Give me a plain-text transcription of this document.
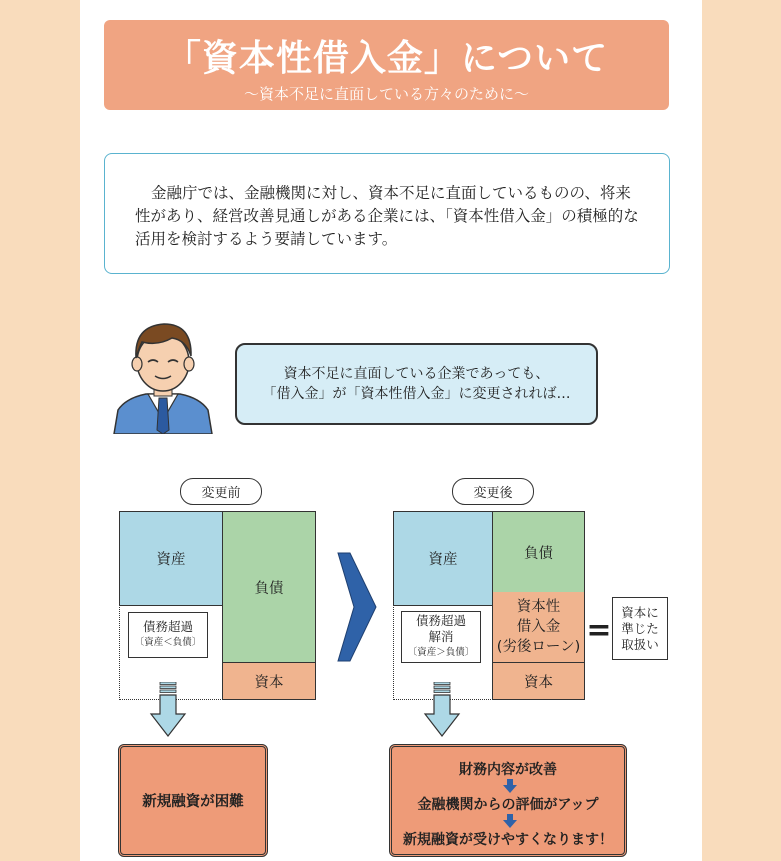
「資本性借入金」について
〜資本不足に直面している方々のために〜
金融庁では、金融機関に対し、資本不足に直面しているものの、将来性があり、経営改善見通しがある企業には、「資本性借入金」の積極的な活用を検討するよう要請しています。
資本不足に直面している企業であっても、
「借入金」が「資本性借入金」に変更されれば…
変更前
資産
負債
資本
債務超過
〔資産＜負債〕
新規融資が困難
変更後
資産	負債
資本性
借入金
(劣後ローン)
資本
債務超過
解消
〔資産＞負債〕
=
資本に
準じた
取扱い
財務内容が改善
金融機関からの評価がアップ
新規融資が受けやすくなります！
